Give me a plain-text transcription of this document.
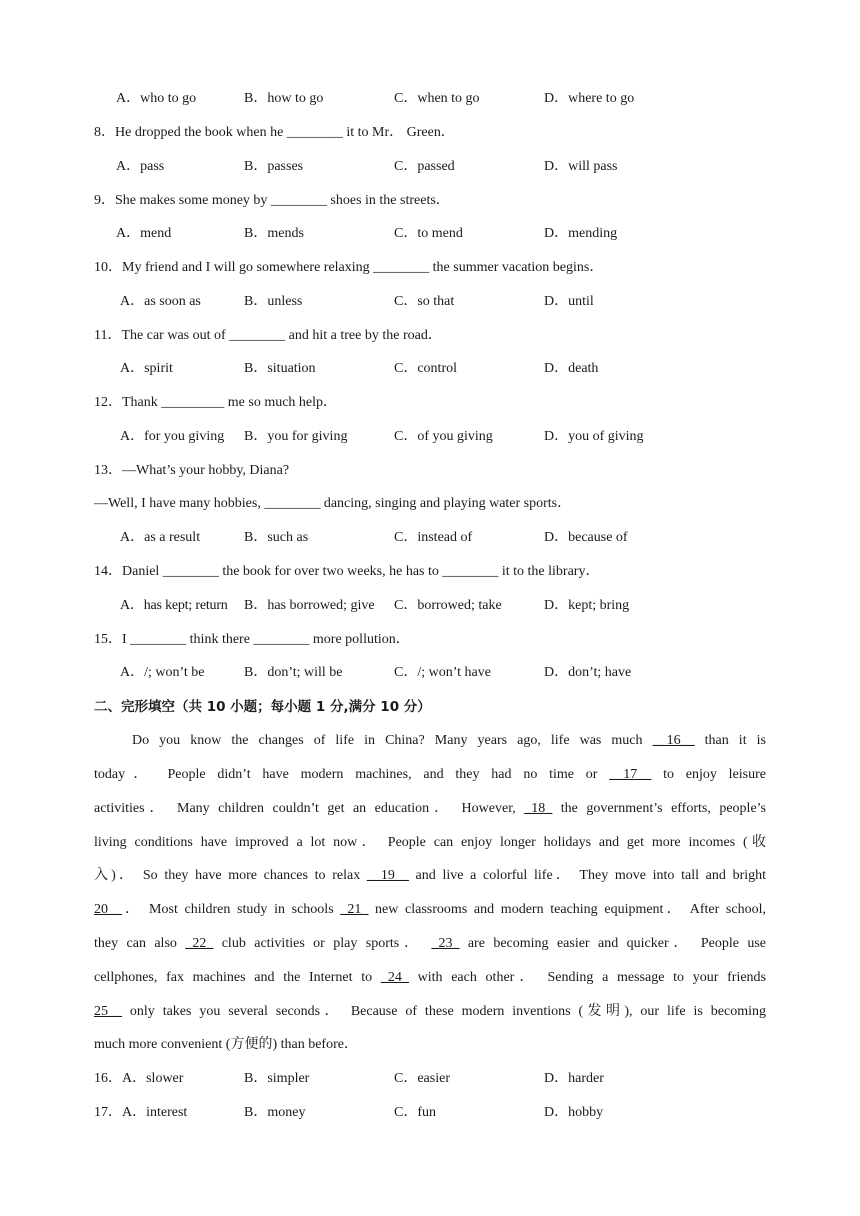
A．who to go	B．how to go	C．when to go	D．where to go
8．He dropped the book when he ________ it to Mr． Green．
A．pass	B．passes	C．passed	D．will pass
9．She makes some money by ________ shoes in the streets．
A．mend	B．mends	C．to mend	D．mending
10．My friend and I will go somewhere relaxing ________ the summer vacation begins．
A．as soon as	B．unless	C．so that	D．until
11．The car was out of ________ and hit a tree by the road．
A．spirit	B．situation	C．control	D．death
12．Thank _________ me so much help．
A．for you giving B．you for giving	C．of you giving	D．you of giving
13．—What’s your hobby, Diana?
—Well, I have many hobbies, ________ dancing, singing and playing water sports．
A．as a result	B．such as	C．instead of	D．because of
14．Daniel ________ the book for over two weeks, he has to ________ it to the library．
A．has kept; return B．has borrowed; give C．borrowed; take	D．kept; bring
15．I ________ think there ________ more pollution．
A．/; won’t be	B．don’t; will be	C．/; won’t have	D．don’t; have
二、完形填空（共 10 小题；每小题 1 分,满分 10 分）
Do you know the changes of life in China? Many years ago, life was much __16__ than it is
today． People didn’t have modern machines, and they had no time or __17__ to enjoy leisure
activities． Many children couldn’t get an education． However, _18_ the government’s efforts, people’s
living conditions have improved a lot now． People can enjoy longer holidays and get more incomes (收
入)． So they have more chances to relax __19__ and live a colorful life． They move into tall and bright
20__． Most children study in schools _21_ new classrooms and modern teaching equipment． After school,
they can also _22_ club activities or play sports． _23_ are becoming easier and quicker． People use
cellphones, fax machines and the Internet to _24_ with each other． Sending a message to your friends
25__ only takes you several seconds． Because of these modern inventions (发明), our life is becoming
much more convenient (方便的) than before．
16．A．slower	B．simpler	C．easier	D．harder
17．A．interest	B．money	C．fun	D．hobby
